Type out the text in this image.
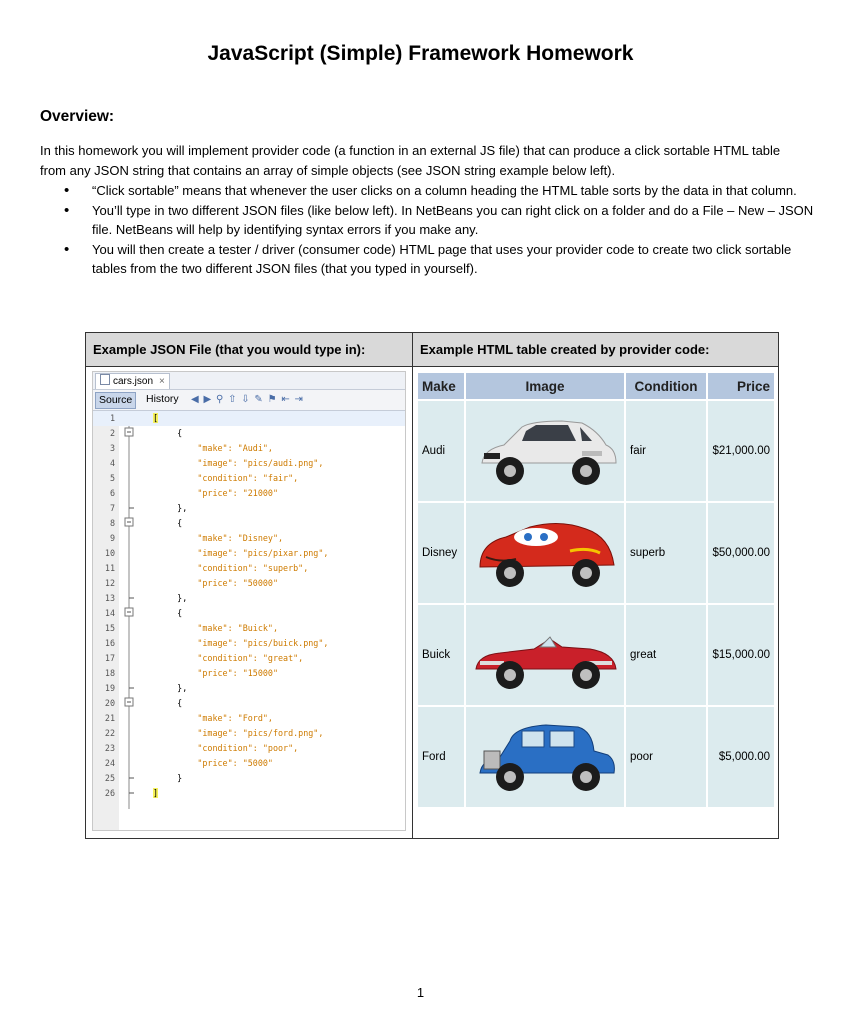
JavaScript (Simple) Framework Homework
Overview:
In this homework you will implement provider code (a function in an external JS file) that can produce a click sortable HTML table from any JSON string that contains an array of simple objects (see JSON string example below left).
• “Click sortable” means that whenever the user clicks on a column heading the HTML table sorts by the data in that column.
• You’ll type in two different JSON files (like below left). In NetBeans you can right click on a folder and do a File – New – JSON file. NetBeans will help by identifying syntax errors if you make any.
• You will then create a tester / driver (consumer code) HTML page that uses your provider code to create two click sortable tables from the two different JSON files (that you typed in yourself).
Example JSON File (that you would type in):	Example HTML table created by provider code:
cars.json ×
Source	History	◀ ▶ ⚲ ⇧ ⇩ ✎ ⚑ ⇤ ⇥
1	[
2	{
3	"make": "Audi",
4	"image": "pics/audi.png",
5	"condition": "fair",
6	"price": "21000"
7	},
8	{
9	"make": "Disney",
10	"image": "pics/pixar.png",
11	"condition": "superb",
12	"price": "50000"
13	},
14	{
15	"make": "Buick",
16	"image": "pics/buick.png",
17	"condition": "great",
18	"price": "15000"
19	},
20	{
21	"make": "Ford",
22	"image": "pics/ford.png",
23	"condition": "poor",
24	"price": "5000"
25	}
26	]
Make	Image	Condition	Price
Audi		fair	$21,000.00
Disney		superb	$50,000.00
Buick		great	$15,000.00
Ford		poor	$5,000.00
1
